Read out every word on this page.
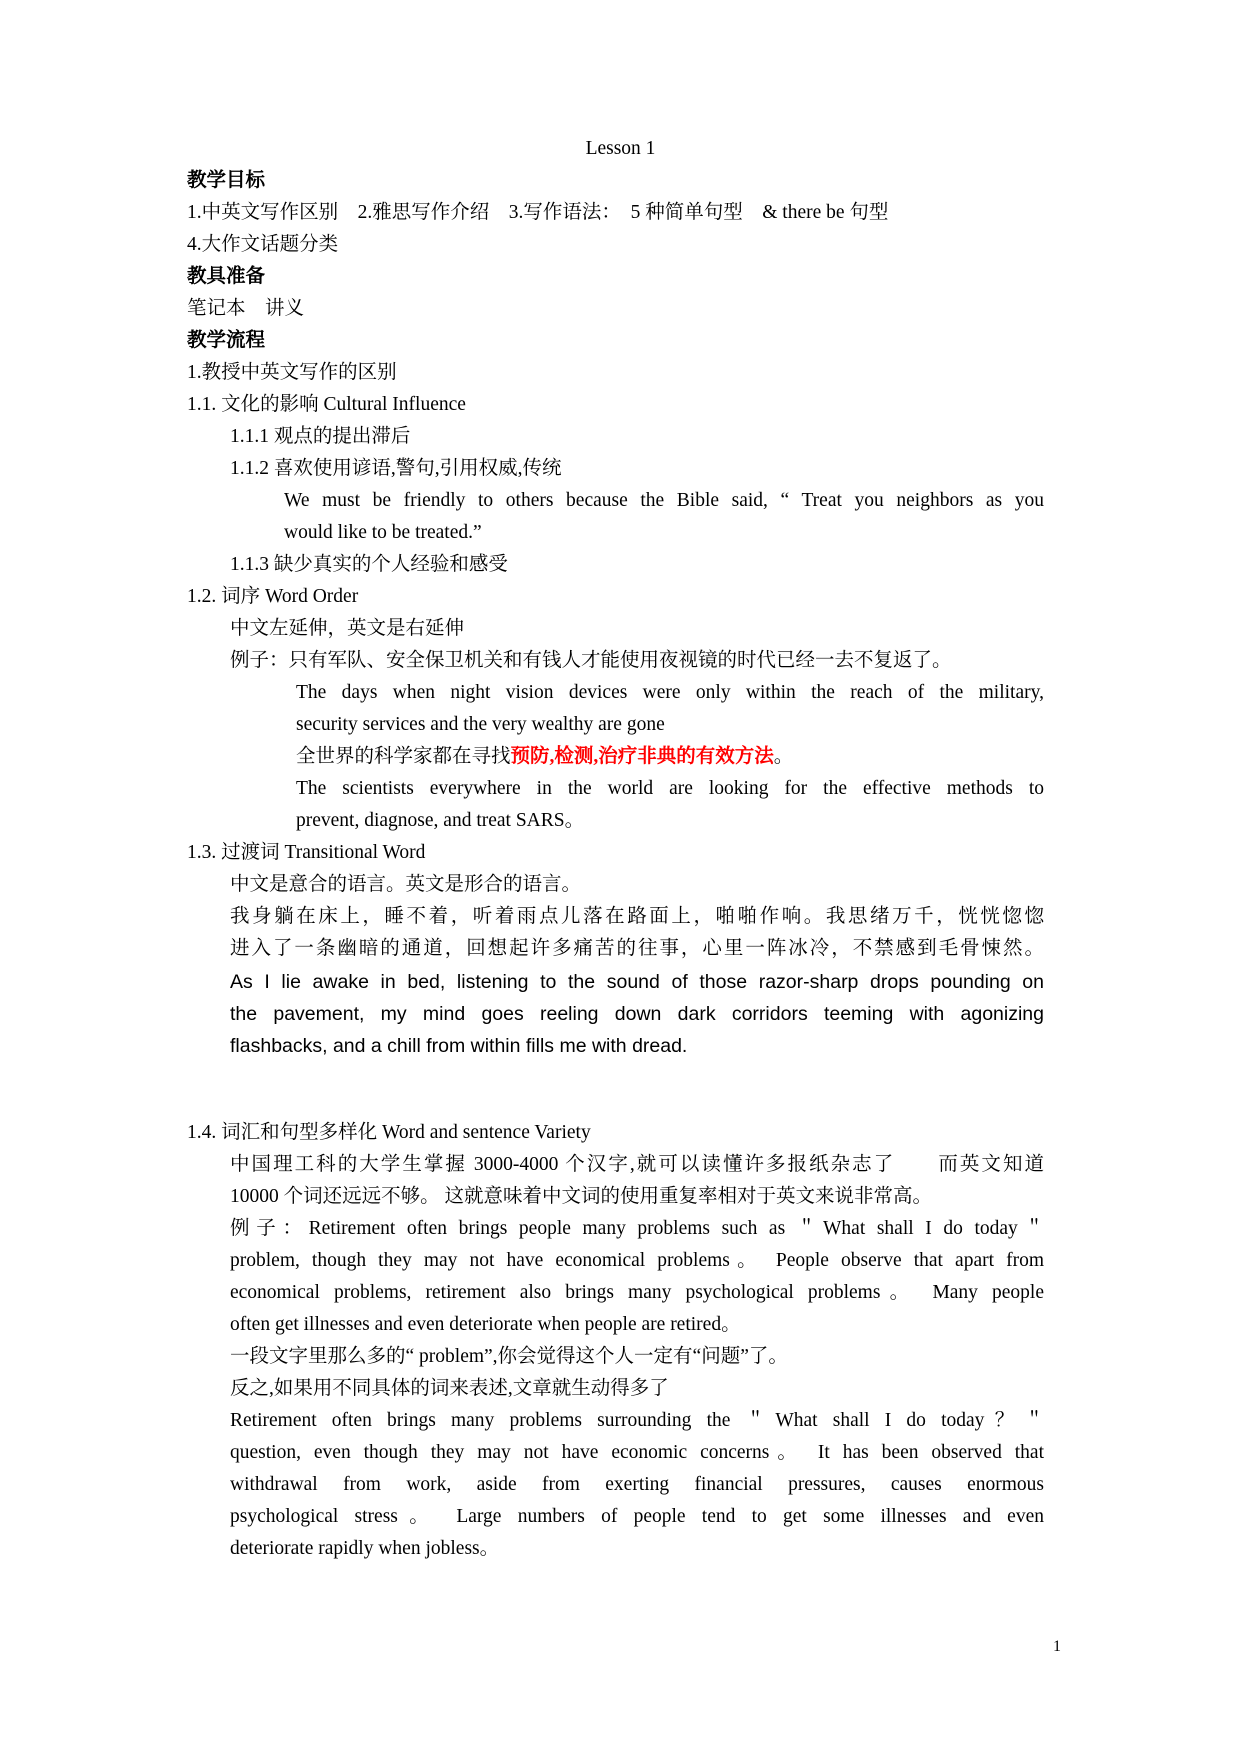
Lesson 1
教学目标
1.中英文写作区别　2.雅思写作介绍　3.写作语法：　5 种简单句型　& there be 句型
4.大作文话题分类
教具准备
笔记本　讲义
教学流程
1.教授中英文写作的区别
1.1. 文化的影响 Cultural Influence
1.1.1 观点的提出滞后
1.1.2 喜欢使用谚语,警句,引用权威,传统
We must be friendly to others because the Bible said, “ Treat you neighbors as you
would like to be treated.”
1.1.3 缺少真实的个人经验和感受
1.2. 词序 Word Order
中文左延伸，英文是右延伸
例子：只有军队、安全保卫机关和有钱人才能使用夜视镜的时代已经一去不复返了。
The days when night vision devices were only within the reach of the military,
security services and the very wealthy are gone
全世界的科学家都在寻找预防,检测,治疗非典的有效方法。
The scientists everywhere in the world are looking for the effective methods to
prevent, diagnose, and treat SARS。
1.3. 过渡词 Transitional Word
中文是意合的语言。英文是形合的语言。
我身躺在床上，睡不着，听着雨点儿落在路面上，啪啪作响。我思绪万千，恍恍惚惚
进入了一条幽暗的通道，回想起许多痛苦的往事，心里一阵冰冷，不禁感到毛骨悚然。
As I lie awake in bed, listening to the sound of those razor-sharp drops pounding on
the pavement, my mind goes reeling down dark corridors teeming with agonizing
flashbacks, and a chill from within fills me with dread.
1.4. 词汇和句型多样化 Word and sentence Variety
中国理工科的大学生掌握 3000-4000 个汉字,就可以读懂许多报纸杂志了　　而英文知道
10000 个词还远远不够。 这就意味着中文词的使用重复率相对于英文来说非常高。
例子：Retirement often brings people many problems such as ＂What shall I do today＂
problem, though they may not have economical problems。 People observe that apart from
economical problems, retirement also brings many psychological problems。 Many people
often get illnesses and even deteriorate when people are retired。
一段文字里那么多的“ problem”,你会觉得这个人一定有“问题”了。
反之,如果用不同具体的词来表述,文章就生动得多了
Retirement often brings many problems surrounding the ＂What shall I do today？＂
question, even though they may not have economic concerns。 It has been observed that
withdrawal from work, aside from exerting financial pressures, causes enormous
psychological stress。 Large numbers of people tend to get some illnesses and even
deteriorate rapidly when jobless。
1
